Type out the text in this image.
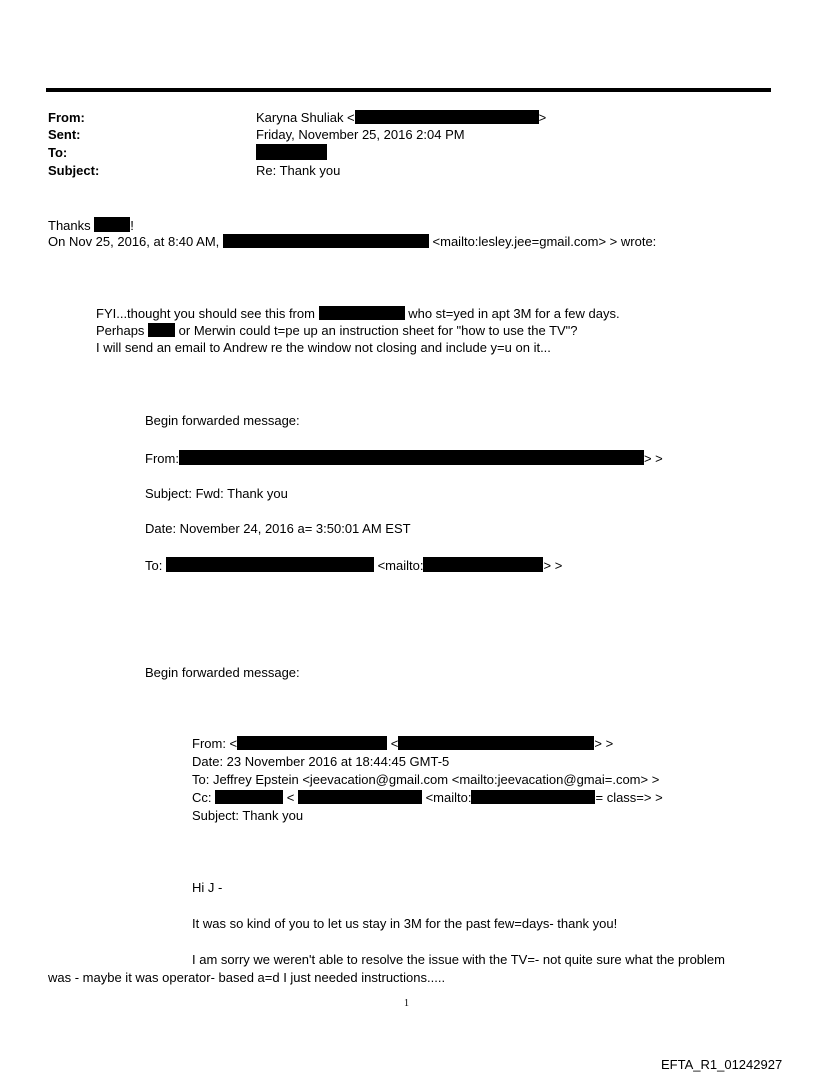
From:	Karyna Shuliak <	>
Sent:	Friday, November 25, 2016 2:04 PM
To:
Subject:	Re: Thank you
Thanks	!
On Nov 25, 2016, at 8:40 AM,	<mailto:lesley.jee=gmail.com> > wrote:
FYI...thought you should see this from	who st=yed in apt 3M for a few days.
Perhaps	or Merwin could t=pe up an instruction sheet for "how to use the TV"?
I will send an email to Andrew re the window not closing and include y=u on it...
Begin forwarded message:
From:	> >
Subject: Fwd: Thank you
Date: November 24, 2016 a= 3:50:01 AM EST
To:	<mailto:	> >
Begin forwarded message:
From: <	<	> >
Date: 23 November 2016 at 18:44:45 GMT-5
To: Jeffrey Epstein <jeevacation@gmail.com <mailto:jeevacation@gmai=.com> >
Cc:	<	<mailto:	= class=> >
Subject: Thank you
Hi J -
It was so kind of you to let us stay in 3M for the past few=days- thank you!
I am sorry we weren't able to resolve the issue with the TV=- not quite sure what the problem
was - maybe it was operator- based a=d I just needed instructions.....
1
EFTA_R1_01242927
